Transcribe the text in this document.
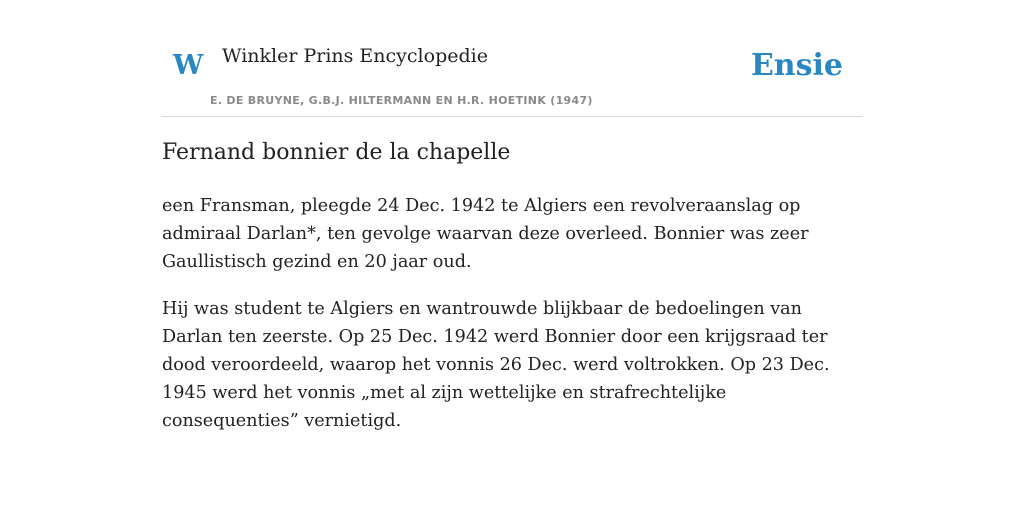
W Winkler Prins Encyclopedie
E. DE BRUYNE, G.B.J. HILTERMANN EN H.R. HOETINK (1947)
Ensie
Fernand bonnier de la chapelle

een Fransman, pleegde 24 Dec. 1942 te Algiers een revolveraanslag op admiraal Darlan*, ten gevolge waarvan deze overleed. Bonnier was zeer Gaullistisch gezind en 20 jaar oud.

Hij was student te Algiers en wantrouwde blijkbaar de bedoelingen van Darlan ten zeerste. Op 25 Dec. 1942 werd Bonnier door een krijgsraad ter dood veroordeeld, waarop het vonnis 26 Dec. werd voltrokken. Op 23 Dec. 1945 werd het vonnis „met al zijn wettelijke en strafrechtelijke consequenties” vernietigd.
